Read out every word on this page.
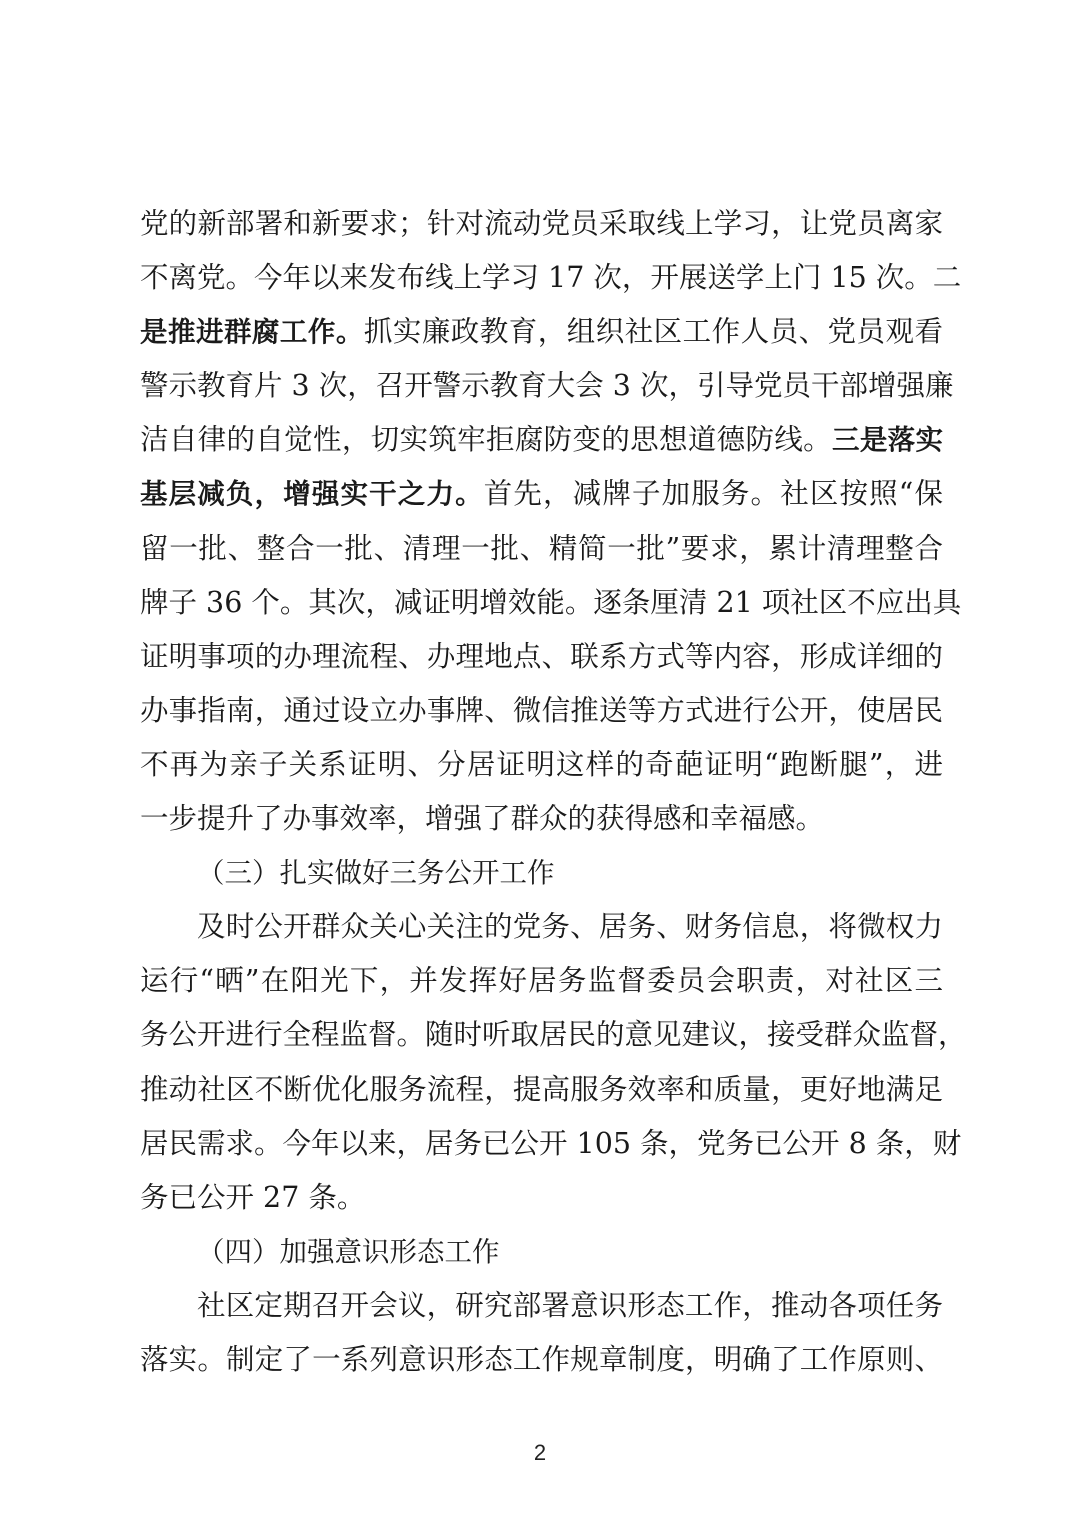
党的新部署和新要求；针对流动党员采取线上学习，让党员离家
不离党。今年以来发布线上学习 17 次，开展送学上门 15 次。二
是推进群腐工作。抓实廉政教育，组织社区工作人员、党员观看
警示教育片 3 次，召开警示教育大会 3 次，引导党员干部增强廉
洁自律的自觉性，切实筑牢拒腐防变的思想道德防线。三是落实
基层减负，增强实干之力。首先，减牌子加服务。社区按照“保
留一批、整合一批、清理一批、精简一批”要求，累计清理整合
牌子 36 个。其次，减证明增效能。逐条厘清 21 项社区不应出具
证明事项的办理流程、办理地点、联系方式等内容，形成详细的
办事指南，通过设立办事牌、微信推送等方式进行公开，使居民
不再为亲子关系证明、分居证明这样的奇葩证明“跑断腿”，进
一步提升了办事效率，增强了群众的获得感和幸福感。
（三）扎实做好三务公开工作
及时公开群众关心关注的党务、居务、财务信息，将微权力
运行“晒”在阳光下，并发挥好居务监督委员会职责，对社区三
务公开进行全程监督。随时听取居民的意见建议，接受群众监督，
推动社区不断优化服务流程，提高服务效率和质量，更好地满足
居民需求。今年以来，居务已公开 105 条，党务已公开 8 条，财
务已公开 27 条。
（四）加强意识形态工作
社区定期召开会议，研究部署意识形态工作，推动各项任务
落实。制定了一系列意识形态工作规章制度，明确了工作原则、
2
